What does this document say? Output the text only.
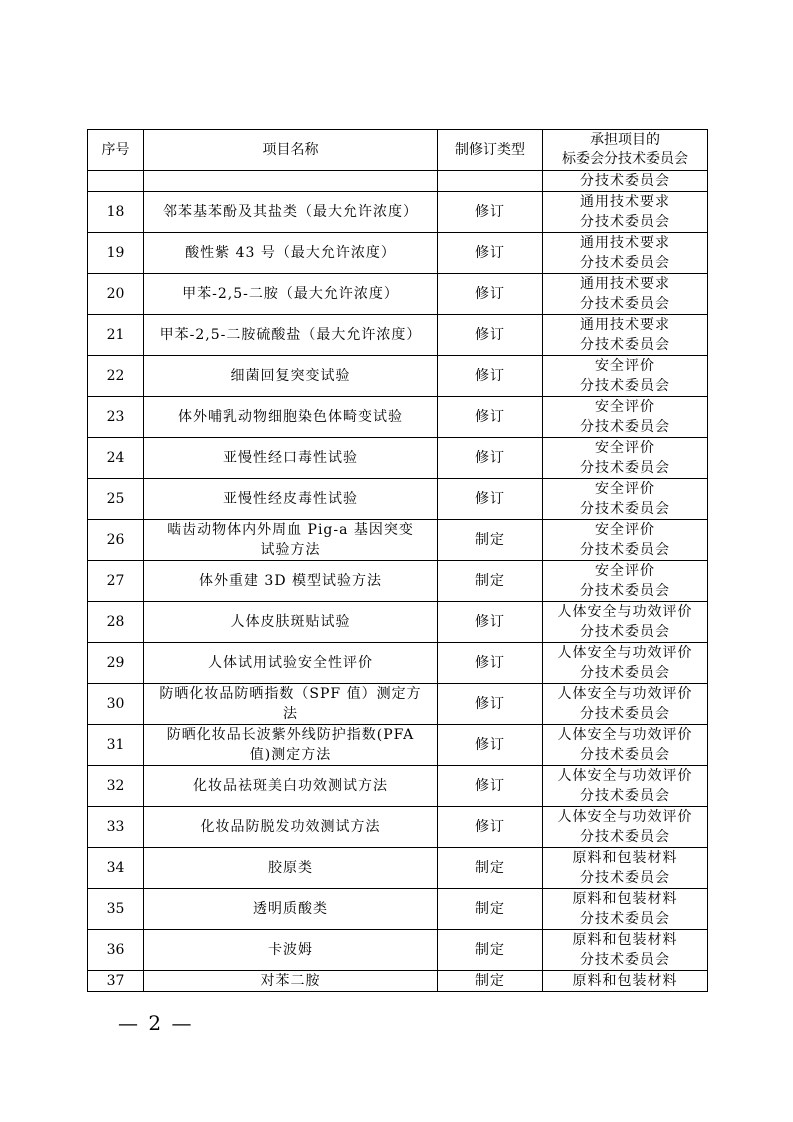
序号	项目名称	制修订类型	承担项目的
标委会分技术委员会

			分技术委员会
18	邻苯基苯酚及其盐类（最大允许浓度）	修订	通用技术要求
分技术委员会

19	酸性紫 43 号（最大允许浓度）	修订	通用技术要求
分技术委员会

20	甲苯-2,5-二胺（最大允许浓度）	修订	通用技术要求
分技术委员会

21	甲苯-2,5-二胺硫酸盐（最大允许浓度）	修订	通用技术要求
分技术委员会

22	细菌回复突变试验	修订	安全评价
分技术委员会

23	体外哺乳动物细胞染色体畸变试验	修订	安全评价
分技术委员会

24	亚慢性经口毒性试验	修订	安全评价
分技术委员会

25	亚慢性经皮毒性试验	修订	安全评价
分技术委员会

26	啮齿动物体内外周血 Pig-a 基因突变
试验方法	制定	安全评价
分技术委员会

27	体外重建 3D 模型试验方法	制定	安全评价
分技术委员会

28	人体皮肤斑贴试验	修订	人体安全与功效评价
分技术委员会

29	人体试用试验安全性评价	修订	人体安全与功效评价
分技术委员会

30	防晒化妆品防晒指数（SPF 值）测定方
法	修订	人体安全与功效评价
分技术委员会

31	防晒化妆品长波紫外线防护指数(PFA
值)测定方法	修订	人体安全与功效评价
分技术委员会

32	化妆品祛斑美白功效测试方法	修订	人体安全与功效评价
分技术委员会

33	化妆品防脱发功效测试方法	修订	人体安全与功效评价
分技术委员会

34	胶原类	制定	原料和包装材料
分技术委员会

35	透明质酸类	制定	原料和包装材料
分技术委员会

36	卡波姆	制定	原料和包装材料
分技术委员会

37	对苯二胺	制定	原料和包装材料
— 2 —
